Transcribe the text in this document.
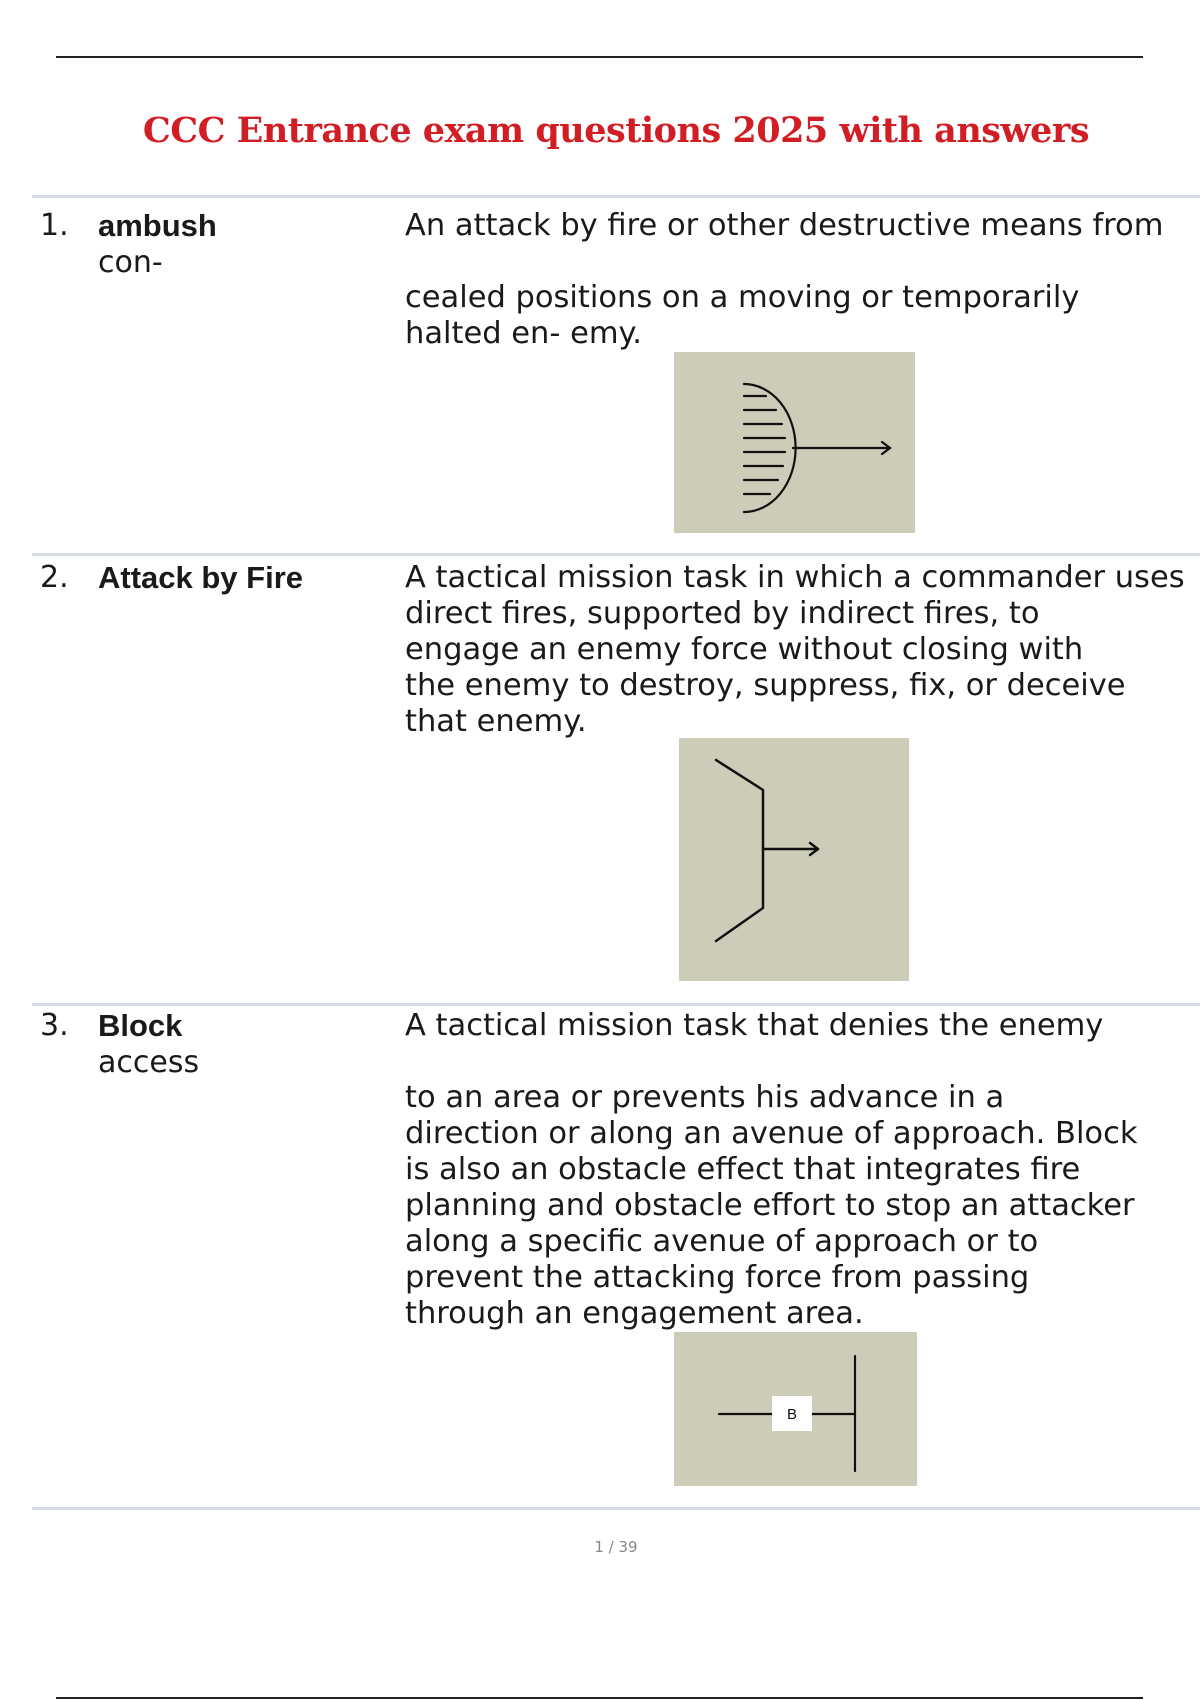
CCC Entrance exam questions 2025 with answers
1. ambush
con-
An attack by fire or other destructive means from
cealed positions on a moving or temporarily
halted en- emy.
2. Attack by Fire	A tactical mission task in which a commander uses
direct fires, supported by indirect fires, to
engage an enemy force without closing with
the enemy to destroy, suppress, fix, or deceive
that enemy.
3. Block
access
A tactical mission task that denies the enemy
to an area or prevents his advance in a
direction or along an avenue of approach. Block
is also an obstacle effect that integrates fire
planning and obstacle effort to stop an attacker
along a specific avenue of approach or to
prevent the attacking force from passing
through an engagement area.
B
1 / 39
